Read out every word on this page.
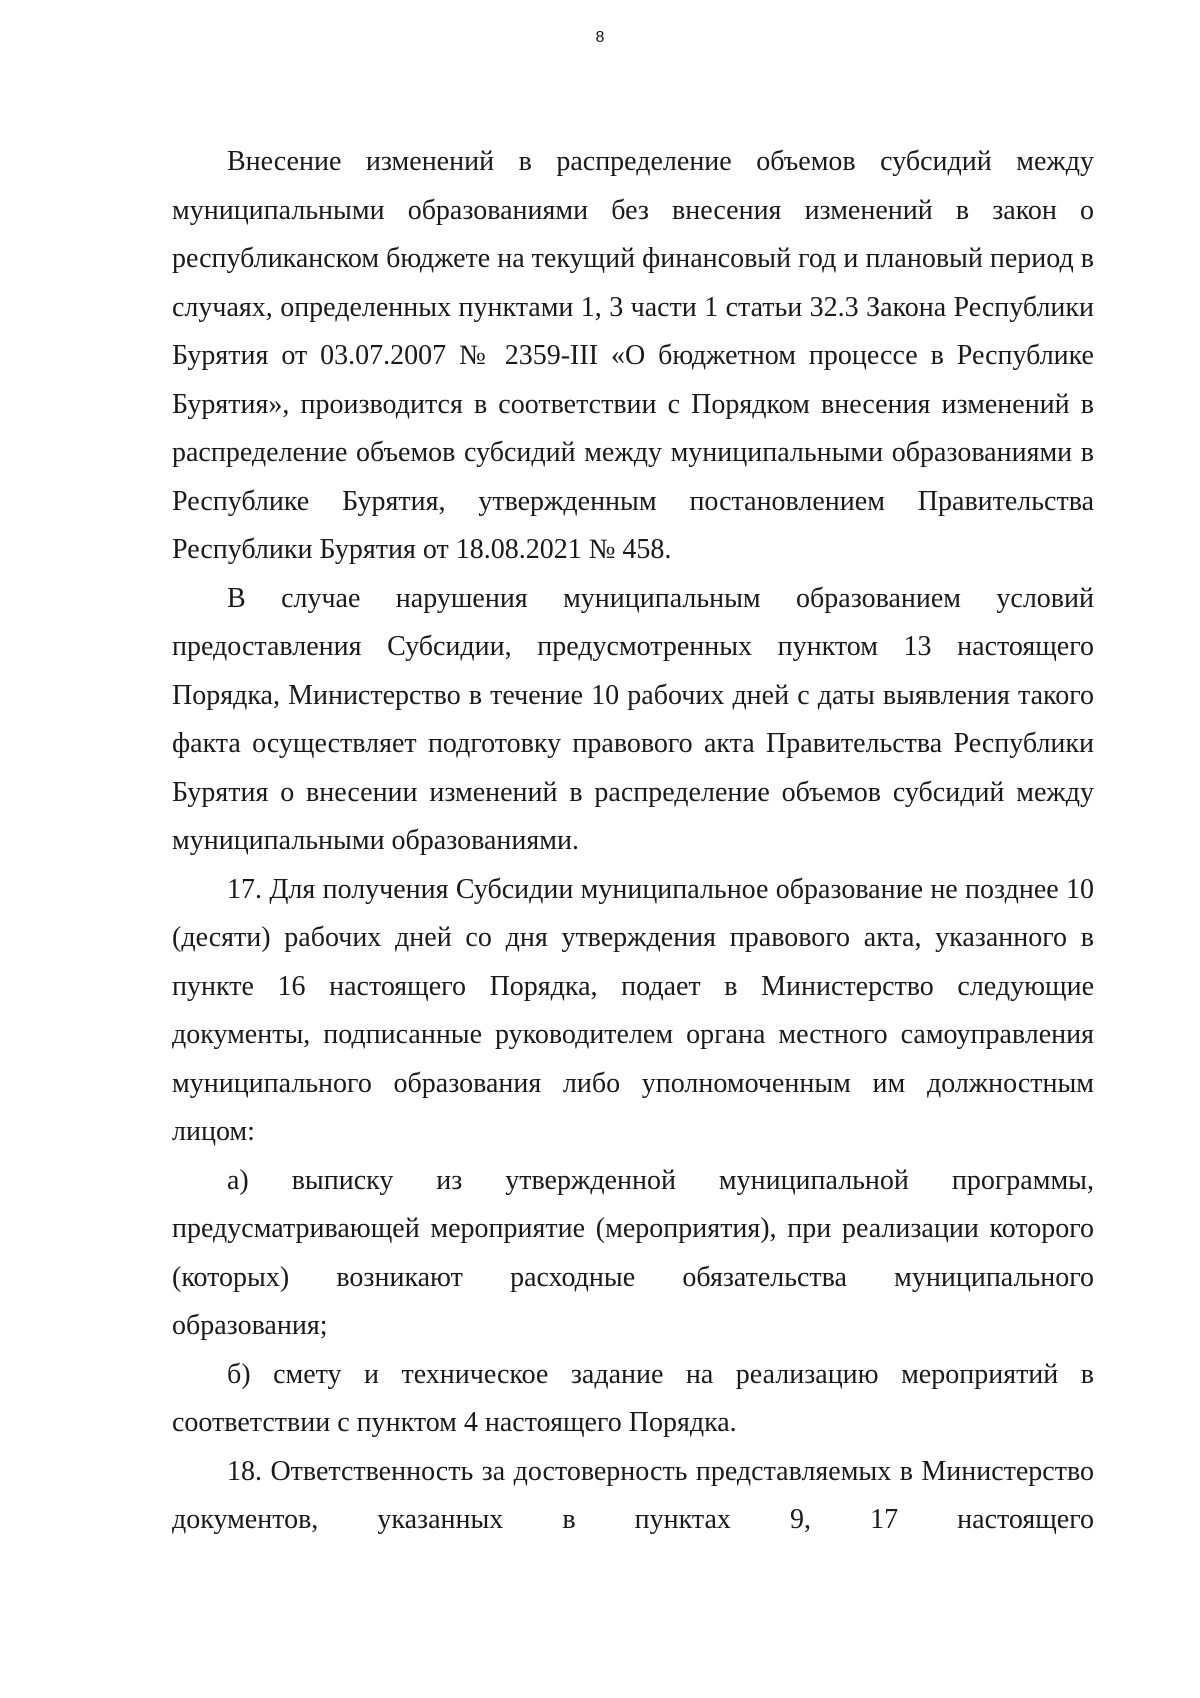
8

Внесение изменений в распределение объемов субсидий между муниципальными образованиями без внесения изменений в закон о республиканском бюджете на текущий финансовый год и плановый период в случаях, определенных пунктами 1, 3 части 1 статьи 32.3 Закона Республики Бурятия от 03.07.2007 № 2359-III «О бюджетном процессе в Республике Бурятия», производится в соответствии с Порядком внесения изменений в распределение объемов субсидий между муниципальными образованиями в Республике Бурятия, утвержденным постановлением Правительства Республики Бурятия от 18.08.2021 № 458.

В случае нарушения муниципальным образованием условий предоставления Субсидии, предусмотренных пунктом 13 настоящего Порядка, Министерство в течение 10 рабочих дней с даты выявления такого факта осуществляет подготовку правового акта Правительства Республики Бурятия о внесении изменений в распределение объемов субсидий между муниципальными образованиями.

17. Для получения Субсидии муниципальное образование не позднее 10 (десяти) рабочих дней со дня утверждения правового акта, указанного в пункте 16 настоящего Порядка, подает в Министерство следующие документы, подписанные руководителем органа местного самоуправления муниципального образования либо уполномоченным им должностным лицом:

а) выписку из утвержденной муниципальной программы, предусматривающей мероприятие (мероприятия), при реализации которого (которых) возникают расходные обязательства муниципального образования;

б) смету и техническое задание на реализацию мероприятий в соответствии с пунктом 4 настоящего Порядка.

18. Ответственность за достоверность представляемых в Министерство документов, указанных в пунктах 9, 17 настоящего
